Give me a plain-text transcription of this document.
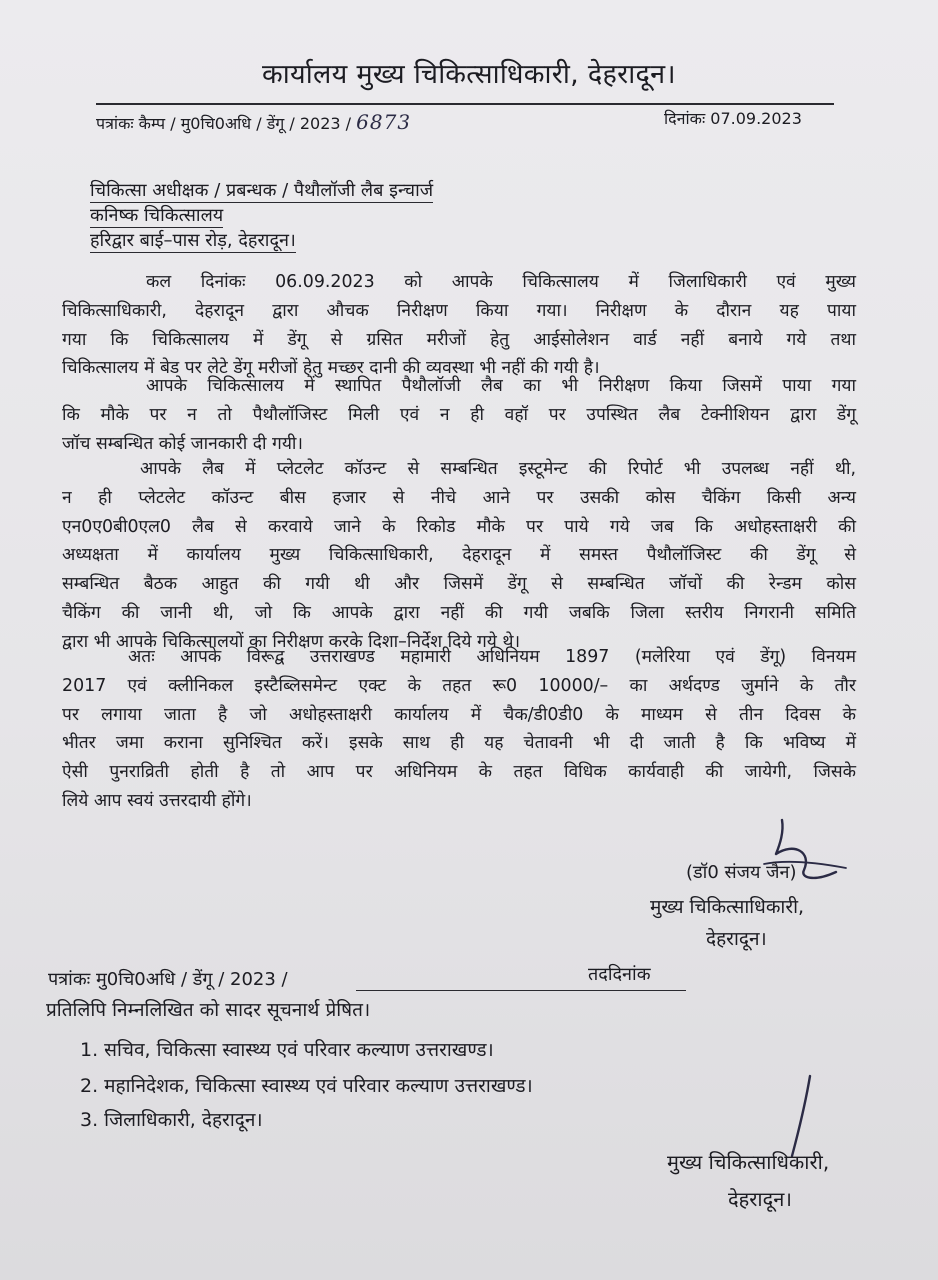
कार्यालय मुख्य चिकित्साधिकारी, देहरादून।
पत्रांकः कैम्प / मु0चि0अधि / डेंगू / 2023 / 6873	दिनांकः 07.09.2023
चिकित्सा अधीक्षक / प्रबन्धक / पैथौलॉजी लैब इन्चार्ज
कनिष्क चिकित्सालय
हरिद्वार बाई–पास रोड़, देहरादून।
कल दिनांकः 06.09.2023 को आपके चिकित्सालय में जिलाधिकारी एवं मुख्य
चिकित्साधिकारी, देहरादून द्वारा औचक निरीक्षण किया गया। निरीक्षण के दौरान यह पाया
गया कि चिकित्सालय में डेंगू से ग्रसित मरीजों हेतु आईसोलेशन वार्ड नहीं बनाये गये तथा
चिकित्सालय में बेड पर लेटे डेंगू मरीजों हेतु मच्छर दानी की व्यवस्था भी नहीं की गयी है।
आपके चिकित्सालय में स्थापित पैथौलॉजी लैब का भी निरीक्षण किया जिसमें पाया गया
कि मौके पर न तो पैथौलॉजिस्ट मिली एवं न ही वहॉ पर उपस्थित लैब टेक्नीशियन द्वारा डेंगू
जॉच सम्बन्धित कोई जानकारी दी गयी।
आपके लैब में प्लेटलेट कॉउन्ट से सम्बन्धित इस्टूमेन्ट की रिपोर्ट भी उपलब्ध नहीं थी,
न ही प्लेटलेट कॉउन्ट बीस हजार से नीचे आने पर उसकी कोस चैकिंग किसी अन्य
एन0ए0बी0एल0 लैब से करवाये जाने के रिकोड मौके पर पाये गये जब कि अधोहस्ताक्षरी की
अध्यक्षता में कार्यालय मुख्य चिकित्साधिकारी, देहरादून में समस्त पैथौलॉजिस्ट की डेंगू से
सम्बन्धित बैठक आहुत की गयी थी और जिसमें डेंगू से सम्बन्धित जॉचों की रेन्डम कोस
चैकिंग की जानी थी, जो कि आपके द्वारा नहीं की गयी जबकि जिला स्तरीय निगरानी समिति
द्वारा भी आपके चिकित्सालयों का निरीक्षण करके दिशा–निर्देश दिये गये थे।
अतः आपके विरूद्व उत्तराखण्ड महामारी अधिनियम 1897 (मलेरिया एवं डेंगू) विनयम
2017 एवं क्लीनिकल इस्टैब्लिसमेन्ट एक्ट के तहत रू0 10000/– का अर्थदण्ड जुर्माने के तौर
पर लगाया जाता है जो अधोहस्ताक्षरी कार्यालय में चैक/डी0डी0 के माध्यम से तीन दिवस के
भीतर जमा कराना सुनिश्चित करें। इसके साथ ही यह चेतावनी भी दी जाती है कि भविष्य में
ऐसी पुनराव्रिती होती है तो आप पर अधिनियम के तहत विधिक कार्यवाही की जायेगी, जिसके
लिये आप स्वयं उत्तरदायी होंगे।
(डॉ0 संजय जैन)
मुख्य चिकित्साधिकारी,
देहरादून।
पत्रांकः मु0चि0अधि / डेंगू / 2023 /	तददिनांक
प्रतिलिपि निम्नलिखित को सादर सूचनार्थ प्रेषित।
1. सचिव, चिकित्सा स्वास्थ्य एवं परिवार कल्याण उत्तराखण्ड।
2. महानिदेशक, चिकित्सा स्वास्थ्य एवं परिवार कल्याण उत्तराखण्ड।
3. जिलाधिकारी, देहरादून।
मुख्य चिकित्साधिकारी,
देहरादून।
